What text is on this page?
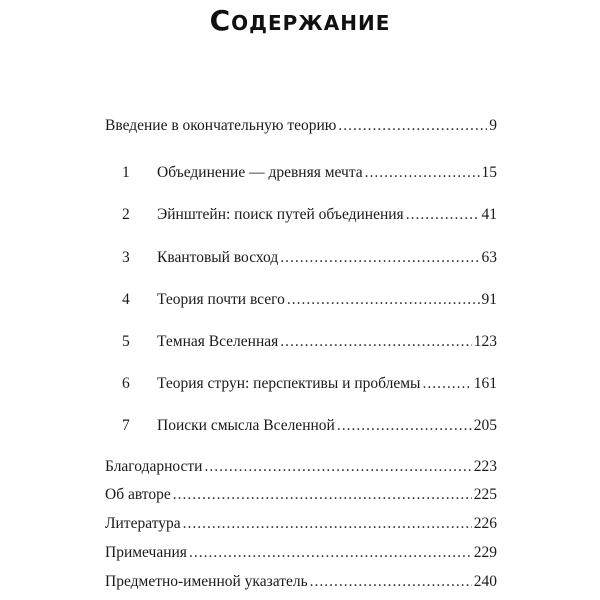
Содержание
Введение в окончательную теорию .....	9
1	Объединение — древняя мечта .....	15
2	Эйнштейн: поиск путей объединения .....	41
3	Квантовый восход .....	63
4	Теория почти всего .....	91
5	Темная Вселенная .....	123
6	Теория струн: перспективы и проблемы .....	161
7	Поиски смысла Вселенной .....	205
Благодарности .....	223
Об авторе .....	225
Литература .....	226
Примечания .....	229
Предметно-именной указатель .....	240
